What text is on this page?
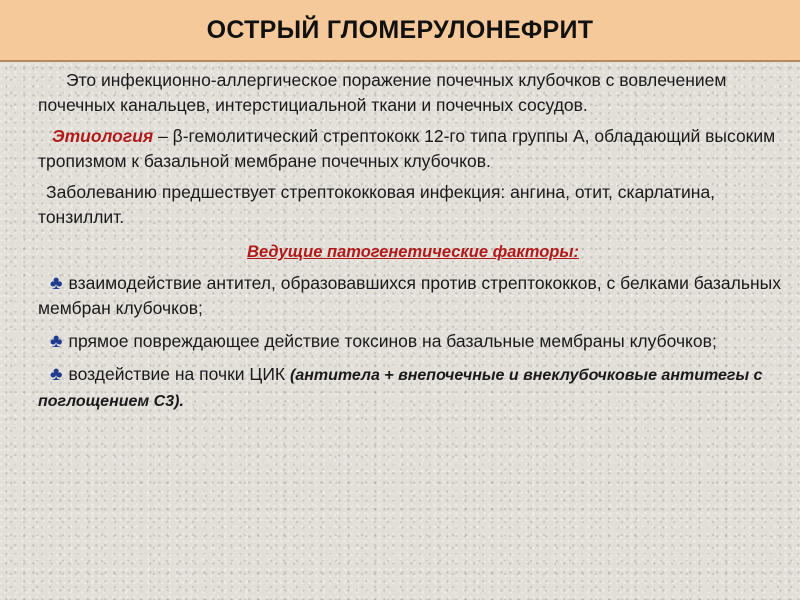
ОСТРЫЙ ГЛОМЕРУЛОНЕФРИТ

Это инфекционно-аллергическое поражение почечных клубочков с вовлечением почечных канальцев, интерстициальной ткани и почечных сосудов.

Этиология – β-гемолитический стрептококк 12-го типа группы А, обладающий высоким тропизмом к базальной мембране почечных клубочков.

Заболеванию предшествует стрептококковая инфекция: ангина, отит, скарлатина, тонзиллит.

Ведущие патогенетические факторы:

♣ взаимодействие антител, образовавшихся против стрептококков, с белками базальных мембран клубочков;

♣ прямое повреждающее действие токсинов на базальные мембраны клубочков;

♣ воздействие на почки ЦИК (антитела + внепочечные и внеклубочковые антитегы с поглощением С3).
